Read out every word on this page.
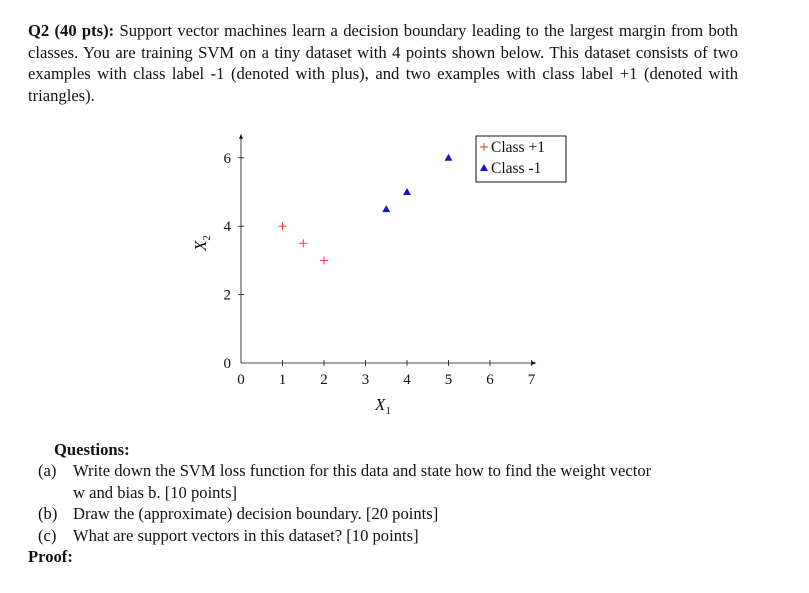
Q2 (40 pts): Support vector machines learn a decision boundary leading to the largest margin from both classes. You are training SVM on a tiny dataset with 4 points shown below. This dataset consists of two examples with class label -1 (denoted with plus), and two examples with class label +1 (denoted with triangles).
0 1 2 3 4 5 6 7
0
2
4
6
$X_1$
$X_2$
Class +1
Class -1
Questions:
(a) Write down the SVM loss function for this data and state how to find the weight vector
w and bias b. [10 points]
(b) Draw the (approximate) decision boundary. [20 points]
(c) What are support vectors in this dataset? [10 points]
Proof:
